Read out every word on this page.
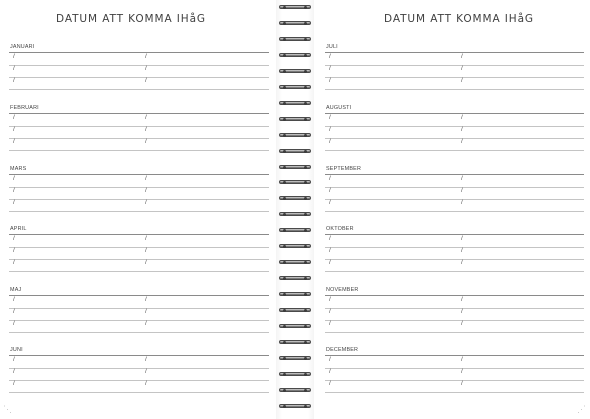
DATUM ATT KOMMA IHåG	DATUM ATT KOMMA IHåG
⋱	⋰
JANUARI
/	/
/	/
/	/
FEBRUARI
/	/
/	/
/	/
MARS
/	/
/	/
/	/
APRIL
/	/
/	/
/	/
MAJ
/	/
/	/
/	/
JUNI
/	/
/	/
/	/
JULI
/	/
/	/
/	/
AUGUSTI
/	/
/	/
/	/
SEPTEMBER
/	/
/	/
/	/
OKTOBER
/	/
/	/
/	/
NOVEMBER
/	/
/	/
/	/
DECEMBER
/	/
/	/
/	/
